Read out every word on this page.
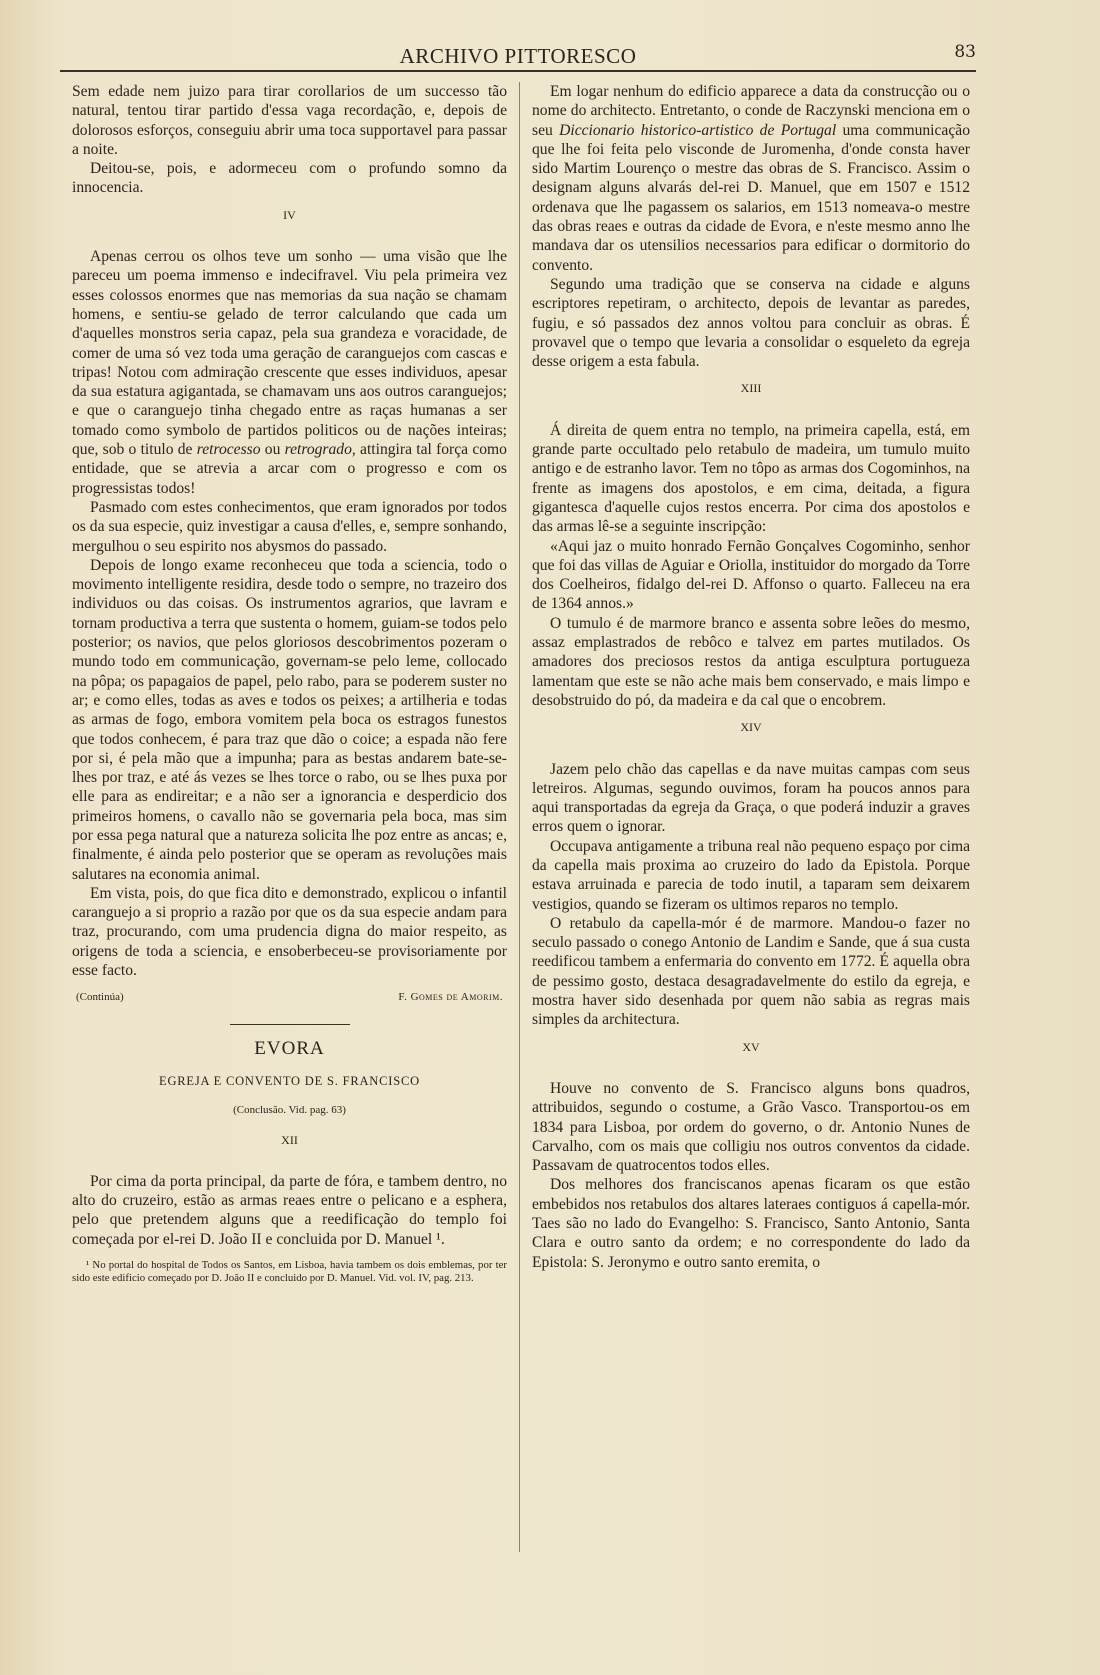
ARCHIVO PITTORESCO	83

Sem edade nem juizo para tirar corollarios de um successo tão natural, tentou tirar partido d'essa vaga recordação, e, depois de dolorosos esforços, conseguiu abrir uma toca supportavel para passar a noite.

Deitou-se, pois, e adormeceu com o profundo somno da innocencia.

IV

Apenas cerrou os olhos teve um sonho — uma visão que lhe pareceu um poema immenso e indecifravel. Viu pela primeira vez esses colossos enormes que nas memorias da sua nação se chamam homens, e sentiu-se gelado de terror calculando que cada um d'aquelles monstros seria capaz, pela sua grandeza e voracidade, de comer de uma só vez toda uma geração de caranguejos com cascas e tripas! Notou com admiração crescente que esses individuos, apesar da sua estatura agigantada, se chamavam uns aos outros caranguejos; e que o caranguejo tinha chegado entre as raças humanas a ser tomado como symbolo de partidos politicos ou de nações inteiras; que, sob o titulo de retrocesso ou retrogrado, attingira tal força como entidade, que se atrevia a arcar com o progresso e com os progressistas todos!

Pasmado com estes conhecimentos, que eram ignorados por todos os da sua especie, quiz investigar a causa d'elles, e, sempre sonhando, mergulhou o seu espirito nos abysmos do passado.

Depois de longo exame reconheceu que toda a sciencia, todo o movimento intelligente residira, desde todo o sempre, no trazeiro dos individuos ou das coisas. Os instrumentos agrarios, que lavram e tornam productiva a terra que sustenta o homem, guiam-se todos pelo posterior; os navios, que pelos gloriosos descobrimentos pozeram o mundo todo em communicação, governam-se pelo leme, collocado na pôpa; os papagaios de papel, pelo rabo, para se poderem suster no ar; e como elles, todas as aves e todos os peixes; a artilheria e todas as armas de fogo, embora vomitem pela boca os estragos funestos que todos conhecem, é para traz que dão o coice; a espada não fere por si, é pela mão que a impunha; para as bestas andarem bate-se-lhes por traz, e até ás vezes se lhes torce o rabo, ou se lhes puxa por elle para as endireitar; e a não ser a ignorancia e desperdicio dos primeiros homens, o cavallo não se governaria pela boca, mas sim por essa pega natural que a natureza solicita lhe poz entre as ancas; e, finalmente, é ainda pelo posterior que se operam as revoluções mais salutares na economia animal.

Em vista, pois, do que fica dito e demonstrado, explicou o infantil caranguejo a si proprio a razão por que os da sua especie andam para traz, procurando, com uma prudencia digna do maior respeito, as origens de toda a sciencia, e ensoberbeceu-se provisoriamente por esse facto.

(Continúa)	F. Gomes de Amorim.
EVORA
EGREJA E CONVENTO DE S. FRANCISCO
(Conclusão. Vid. pag. 63)
XII

Por cima da porta principal, da parte de fóra, e tambem dentro, no alto do cruzeiro, estão as armas reaes entre o pelicano e a esphera, pelo que pretendem alguns que a reedificação do templo foi começada por el-rei D. João II e concluida por D. Manuel ¹.

¹ No portal do hospital de Todos os Santos, em Lisboa, havia tambem os dois emblemas, por ter sido este edificio começado por D. João II e concluido por D. Manuel. Vid. vol. IV, pag. 213.

Em logar nenhum do edificio apparece a data da construcção ou o nome do architecto. Entretanto, o conde de Raczynski menciona em o seu Diccionario historico-artistico de Portugal uma communicação que lhe foi feita pelo visconde de Juromenha, d'onde consta haver sido Martim Lourenço o mestre das obras de S. Francisco. Assim o designam alguns alvarás del-rei D. Manuel, que em 1507 e 1512 ordenava que lhe pagassem os salarios, em 1513 nomeava-o mestre das obras reaes e outras da cidade de Evora, e n'este mesmo anno lhe mandava dar os utensilios necessarios para edificar o dormitorio do convento.

Segundo uma tradição que se conserva na cidade e alguns escriptores repetiram, o architecto, depois de levantar as paredes, fugiu, e só passados dez annos voltou para concluir as obras. É provavel que o tempo que levaria a consolidar o esqueleto da egreja desse origem a esta fabula.

XIII

Á direita de quem entra no templo, na primeira capella, está, em grande parte occultado pelo retabulo de madeira, um tumulo muito antigo e de estranho lavor. Tem no tôpo as armas dos Cogominhos, na frente as imagens dos apostolos, e em cima, deitada, a figura gigantesca d'aquelle cujos restos encerra. Por cima dos apostolos e das armas lê-se a seguinte inscripção:

«Aqui jaz o muito honrado Fernão Gonçalves Cogominho, senhor que foi das villas de Aguiar e Oriolla, instituidor do morgado da Torre dos Coelheiros, fidalgo del-rei D. Affonso o quarto. Falleceu na era de 1364 annos.»

O tumulo é de marmore branco e assenta sobre leões do mesmo, assaz emplastrados de rebôco e talvez em partes mutilados. Os amadores dos preciosos restos da antiga esculptura portugueza lamentam que este se não ache mais bem conservado, e mais limpo e desobstruido do pó, da madeira e da cal que o encobrem.

XIV

Jazem pelo chão das capellas e da nave muitas campas com seus letreiros. Algumas, segundo ouvimos, foram ha poucos annos para aqui transportadas da egreja da Graça, o que poderá induzir a graves erros quem o ignorar.

Occupava antigamente a tribuna real não pequeno espaço por cima da capella mais proxima ao cruzeiro do lado da Epistola. Porque estava arruinada e parecia de todo inutil, a taparam sem deixarem vestigios, quando se fizeram os ultimos reparos no templo.

O retabulo da capella-mór é de marmore. Mandou-o fazer no seculo passado o conego Antonio de Landim e Sande, que á sua custa reedificou tambem a enfermaria do convento em 1772. É aquella obra de pessimo gosto, destaca desagradavelmente do estilo da egreja, e mostra haver sido desenhada por quem não sabia as regras mais simples da architectura.

XV

Houve no convento de S. Francisco alguns bons quadros, attribuidos, segundo o costume, a Grão Vasco. Transportou-os em 1834 para Lisboa, por ordem do governo, o dr. Antonio Nunes de Carvalho, com os mais que colligiu nos outros conventos da cidade. Passavam de quatrocentos todos elles.

Dos melhores dos franciscanos apenas ficaram os que estão embebidos nos retabulos dos altares lateraes contiguos á capella-mór. Taes são no lado do Evangelho: S. Francisco, Santo Antonio, Santa Clara e outro santo da ordem; e no correspondente do lado da Epistola: S. Jeronymo e outro santo eremita, o
